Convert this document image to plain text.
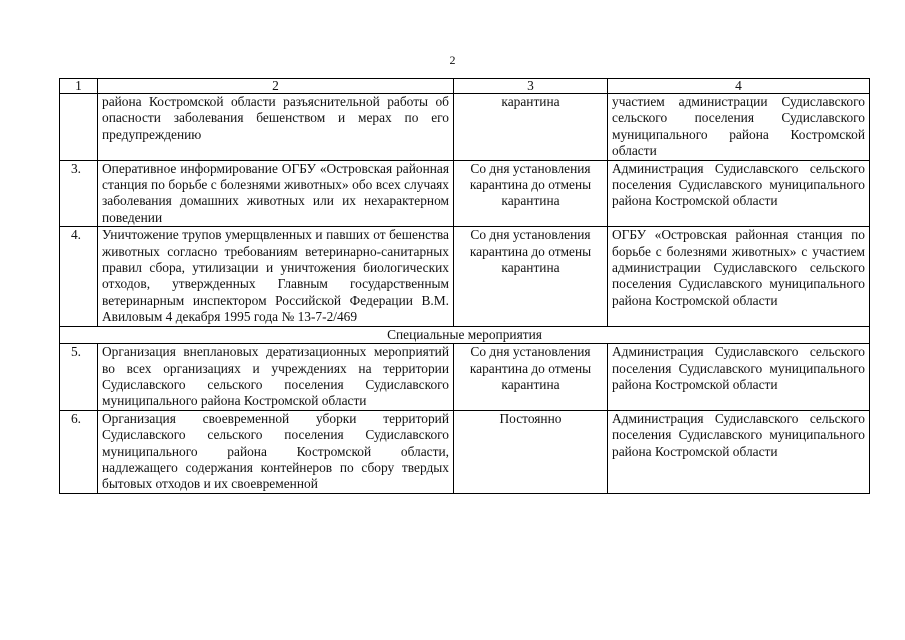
2
1	2	3	4
	района Костромской области разъяснительной работы об опасности заболевания бешенством и мерах по его предупреждению	карантина	участием администрации Судиславского сельского поселения Судиславского муниципального района Костромской области
3.	Оперативное информирование ОГБУ «Островская районная станция по борьбе с болезнями животных» обо всех случаях заболевания домашних животных или их нехарактерном поведении	Со дня установления карантина до отмены карантина	Администрация Судиславского сельского поселения Судиславского муниципального района Костромской области
4.	Уничтожение трупов умерщвленных и павших от бешенства животных согласно требованиям ветеринарно-санитарных правил сбора, утилизации и уничтожения биологических отходов, утвержденных Главным государственным ветеринарным инспектором Российской Федерации В.М. Авиловым 4 декабря 1995 года № 13-7-2/469	Со дня установления карантина до отмены карантина	ОГБУ «Островская районная станция по борьбе с болезнями животных» с участием администрации Судиславского сельского поселения Судиславского муниципального района Костромской области
Специальные мероприятия			
5.	Организация внеплановых дератизационных мероприятий во всех организациях и учреждениях на территории Судиславского сельского поселения Судиславского муниципального района Костромской области	Со дня установления карантина до отмены карантина	Администрация Судиславского сельского поселения Судиславского муниципального района Костромской области
6.	Организация своевременной уборки территорий Судиславского сельского поселения Судиславского муниципального района Костромской области, надлежащего содержания контейнеров по сбору твердых бытовых отходов и их своевременной	Постоянно	Администрация Судиславского сельского поселения Судиславского муниципального района Костромской области
